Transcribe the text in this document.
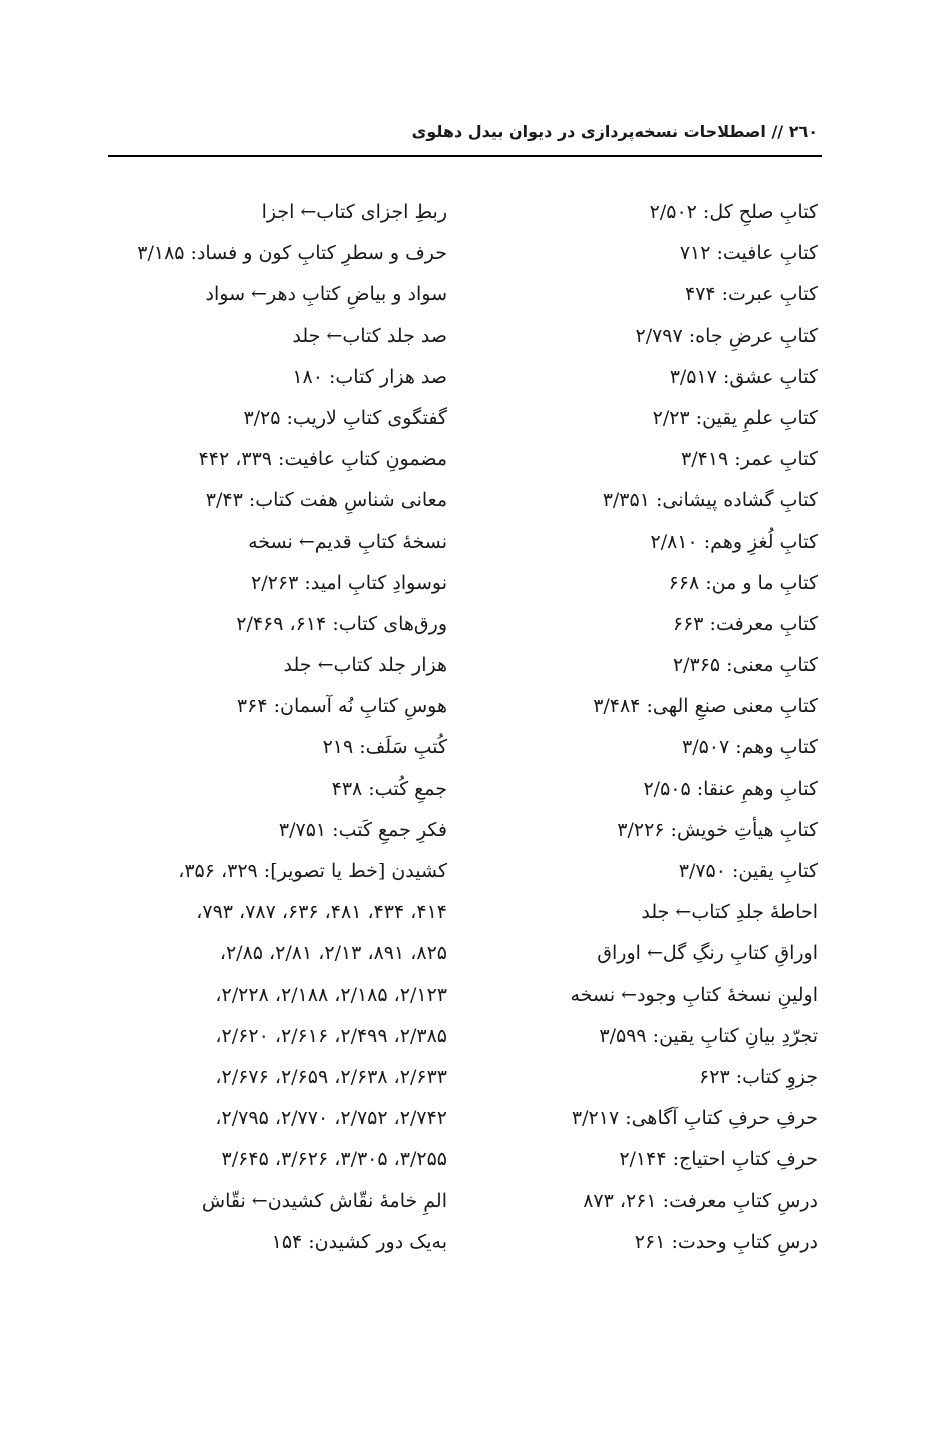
٢٦٠ // اصطلاحات نسخه‌پردازی در دیوان بیدل دهلوی
کتابِ صلحِ کل: ۲/۵۰۲
کتابِ عافیت: ۷۱۲
کتابِ عبرت: ۴۷۴
کتابِ عرضِ جاه: ۲/۷۹۷
کتابِ عشق: ۳/۵۱۷
کتابِ علمِ یقین: ۲/۲۳
کتابِ عمر: ۳/۴۱۹
کتابِ گشاده پیشانی: ۳/۳۵۱
کتابِ لُغزِ وهم: ۲/۸۱۰
کتابِ ما و من: ۶۶۸
کتابِ معرفت: ۶۶۳
کتابِ معنی: ۲/۳۶۵
کتابِ معنی صنعِ الهی: ۳/۴۸۴
کتابِ وهم: ۳/۵۰۷
کتابِ وهمِ عنقا: ۲/۵۰۵
کتابِ هیأتِ خویش: ۳/۲۲۶
کتابِ یقین: ۳/۷۵۰
احاطهٔ جلدِ کتاب← جلد
اوراقِ کتابِ رنگِ گل← اوراق
اولینِ نسخهٔ کتابِ وجود← نسخه
تجرّدِ بیانِ کتابِ یقین: ۳/۵۹۹
جزوِ کتاب: ۶۲۳
حرفِ حرفِ کتابِ آگاهی: ۳/۲۱۷
حرفِ کتابِ احتیاج: ۲/۱۴۴
درسِ کتابِ معرفت: ۲۶۱، ۸۷۳
درسِ کتابِ وحدت: ۲۶۱
ربطِ اجزای کتاب← اجزا
حرف و سطرِ کتابِ کون و فساد: ۳/۱۸۵
سواد و بیاضِ کتابِ دهر← سواد
صد جلد کتاب← جلد
صد هزار کتاب: ۱۸۰
گفتگوی کتابِ لاریب: ۳/۲۵
مضمونِ کتابِ عافیت: ۳۳۹، ۴۴۲
معانی شناسِ هفت کتاب: ۳/۴۳
نسخهٔ کتابِ قدیم← نسخه
نوسوادِ کتابِ امید: ۲/۲۶۳
ورق‌های کتاب: ۶۱۴، ۲/۴۶۹
هزار جلد کتاب← جلد
هوسِ کتابِ نُه آسمان: ۳۶۴
کُتبِ سَلَف: ۲۱۹
جمعِ کُتب: ۴۳۸
فکرِ جمعِ کَتب: ۳/۷۵۱
کشیدن [خط یا تصویر]: ۳۲۹، ۳۵۶،
۴۱۴، ۴۳۴، ۴۸۱، ۶۳۶، ۷۸۷، ۷۹۳،
۸۲۵، ۸۹۱، ۲/۱۳، ۲/۸۱، ۲/۸۵،
۲/۱۲۳، ۲/۱۸۵، ۲/۱۸۸، ۲/۲۲۸،
۲/۳۸۵، ۲/۴۹۹، ۲/۶۱۶، ۲/۶۲۰،
۲/۶۳۳، ۲/۶۳۸، ۲/۶۵۹، ۲/۶۷۶،
۲/۷۴۲، ۲/۷۵۲، ۲/۷۷۰، ۲/۷۹۵،
۳/۲۵۵، ۳/۳۰۵، ۳/۶۲۶، ۳/۶۴۵
المِ خامهٔ نقّاش کشیدن← نقّاش
به‌یک دور کشیدن: ۱۵۴
